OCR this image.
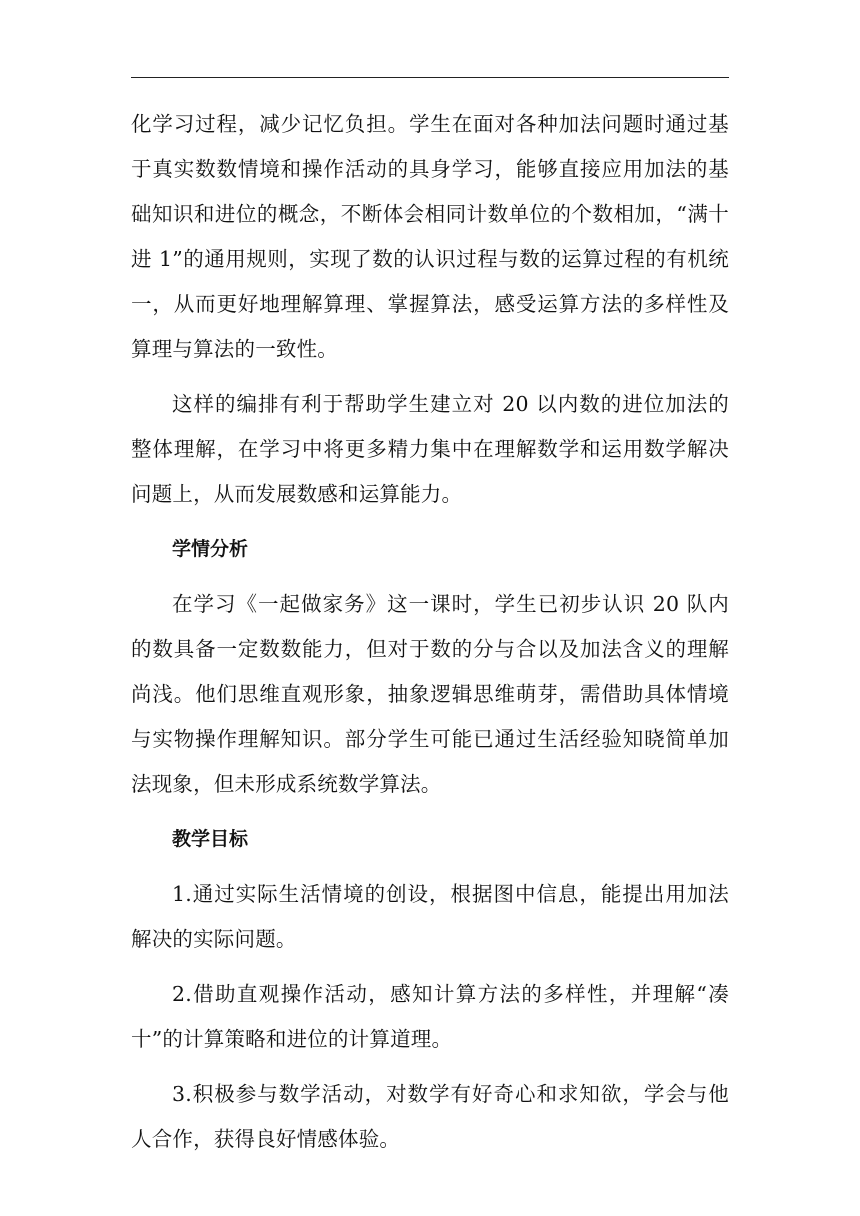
化学习过程，减少记忆负担。学生在面对各种加法问题时通过基于真实数数情境和操作活动的具身学习，能够直接应用加法的基础知识和进位的概念，不断体会相同计数单位的个数相加，“满十进 1”的通用规则，实现了数的认识过程与数的运算过程的有机统一，从而更好地理解算理、掌握算法，感受运算方法的多样性及算理与算法的一致性。

这样的编排有利于帮助学生建立对 20 以内数的进位加法的整体理解，在学习中将更多精力集中在理解数学和运用数学解决问题上，从而发展数感和运算能力。

学情分析

在学习《一起做家务》这一课时，学生已初步认识 20 队内的数具备一定数数能力，但对于数的分与合以及加法含义的理解尚浅。他们思维直观形象，抽象逻辑思维萌芽，需借助具体情境与实物操作理解知识。部分学生可能已通过生活经验知晓简单加法现象，但未形成系统数学算法。

教学目标

1.通过实际生活情境的创设，根据图中信息，能提出用加法解决的实际问题。

2.借助直观操作活动，感知计算方法的多样性，并理解“凑十”的计算策略和进位的计算道理。

3.积极参与数学活动，对数学有好奇心和求知欲，学会与他人合作，获得良好情感体验。
